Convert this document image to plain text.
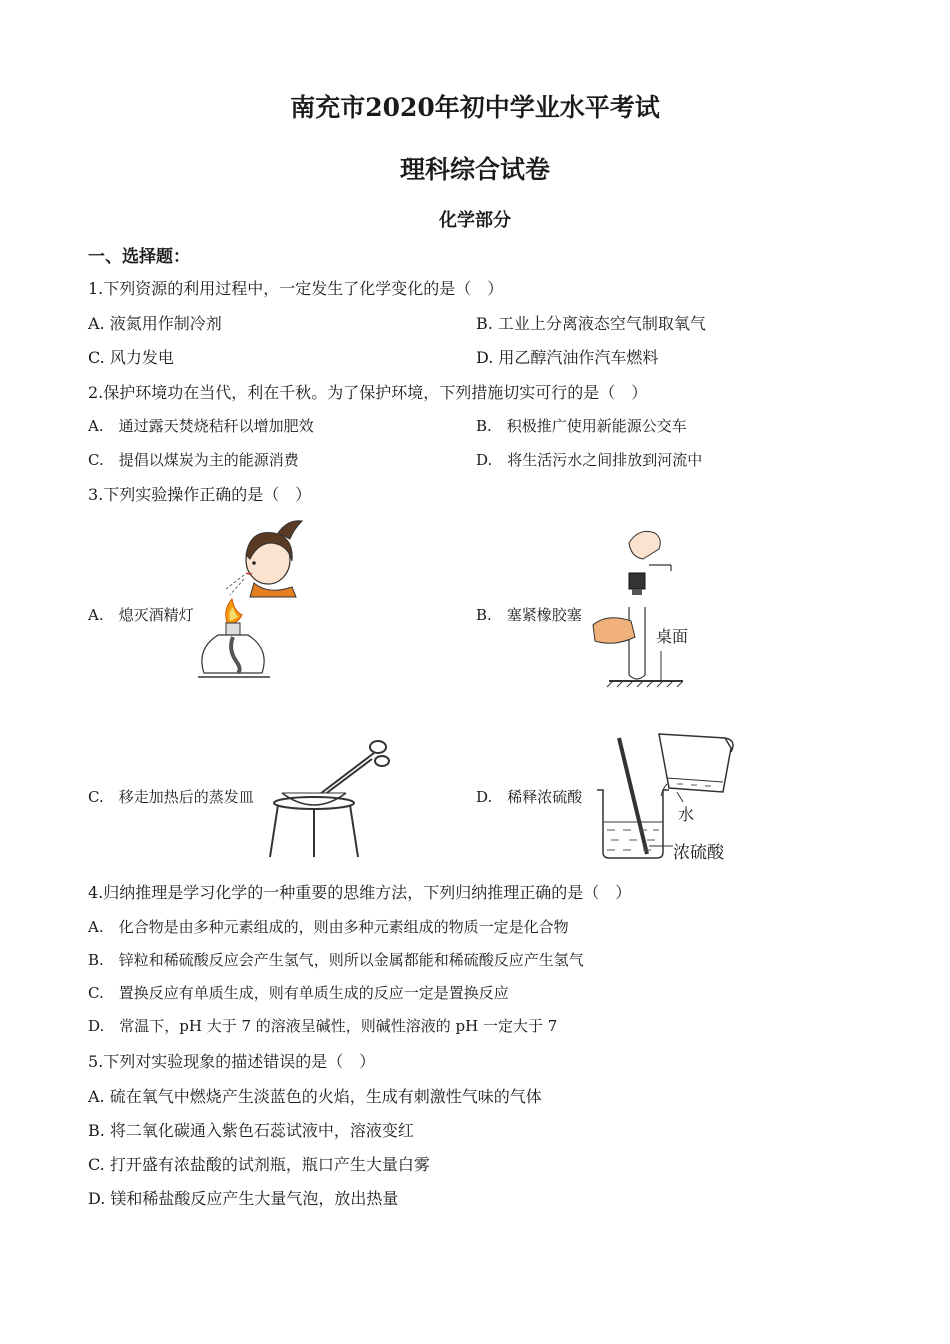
南充市2020年初中学业水平考试
理科综合试卷
化学部分
一、选择题：
1.下列资源的利用过程中，一定发生了化学变化的是（　）
A. 液氮用作制冷剂	B. 工业上分离液态空气制取氧气
C. 风力发电	D. 用乙醇汽油作汽车燃料
2.保护环境功在当代，利在千秋。为了保护环境，下列措施切实可行的是（　）
A.　通过露天焚烧秸秆以增加肥效	B.　积极推广使用新能源公交车
C.　提倡以煤炭为主的能源消费	D.　将生活污水之间排放到河流中
3.下列实验操作正确的是（　）
A.　熄灭酒精灯	B.　塞紧橡胶塞
C.　移走加热后的蒸发皿	D.　稀释浓硫酸
桌面
水
浓硫酸
4.归纳推理是学习化学的一种重要的思维方法，下列归纳推理正确的是（　）
A.　化合物是由多种元素组成的，则由多种元素组成的物质一定是化合物
B.　锌粒和稀硫酸反应会产生氢气，则所以金属都能和稀硫酸反应产生氢气
C.　置换反应有单质生成，则有单质生成的反应一定是置换反应
D.　常温下，pH 大于 7 的溶液呈碱性，则碱性溶液的 pH 一定大于 7
5.下列对实验现象的描述错误的是（　）
A. 硫在氧气中燃烧产生淡蓝色的火焰，生成有刺激性气味的气体
B. 将二氧化碳通入紫色石蕊试液中，溶液变红
C. 打开盛有浓盐酸的试剂瓶，瓶口产生大量白雾
D. 镁和稀盐酸反应产生大量气泡，放出热量
